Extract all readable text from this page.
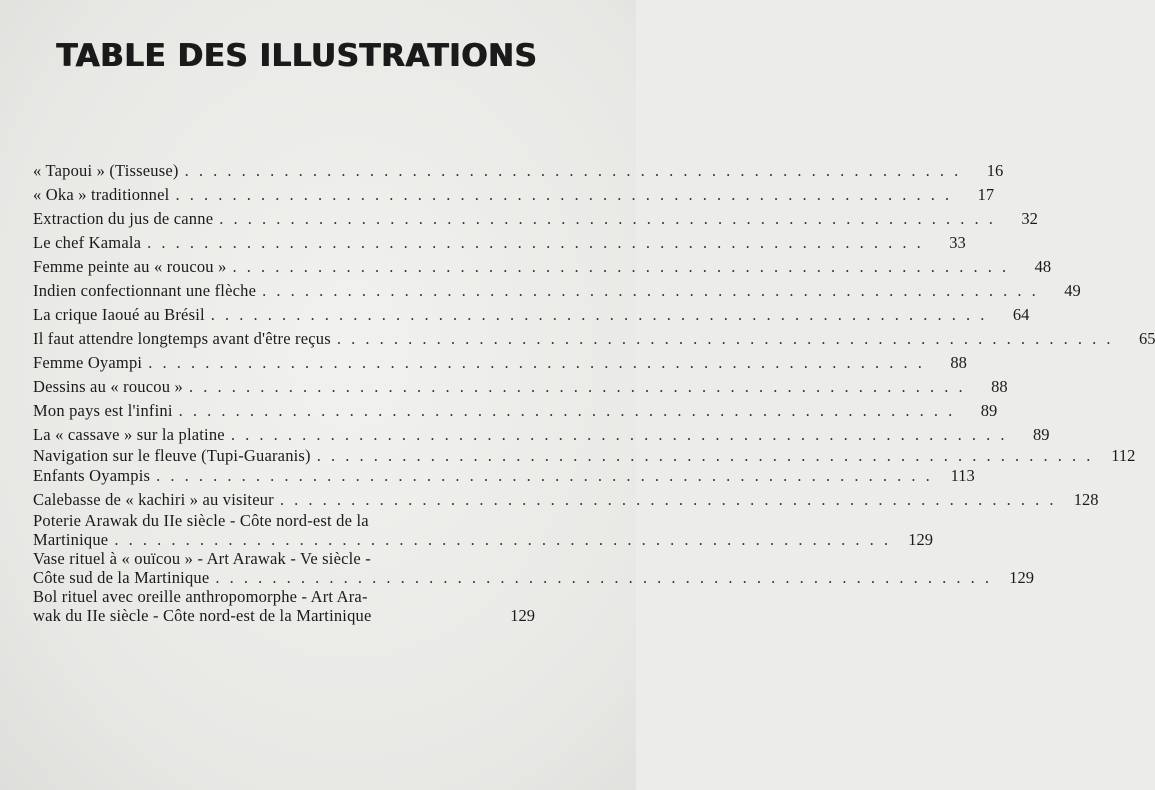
TABLE DES ILLUSTRATIONS
« Tapoui » (Tisseuse) . . . . . . . . . . . . . . . . . . . . . . . . . . . . . . . . . . . . . . . . . . . . . . . . . . . . . . .	16
« Oka » traditionnel . . . . . . . . . . . . . . . . . . . . . . . . . . . . . . . . . . . . . . . . . . . . . . . . . . . . . . .	17
Extraction du jus de canne . . . . . . . . . . . . . . . . . . . . . . . . . . . . . . . . . . . . . . . . . . . . . . . . . . . . . . .	32
Le chef Kamala . . . . . . . . . . . . . . . . . . . . . . . . . . . . . . . . . . . . . . . . . . . . . . . . . . . . . . .	33
Femme peinte au « roucou » . . . . . . . . . . . . . . . . . . . . . . . . . . . . . . . . . . . . . . . . . . . . . . . . . . . . . . .	48
Indien confectionnant une flèche . . . . . . . . . . . . . . . . . . . . . . . . . . . . . . . . . . . . . . . . . . . . . . . . . . . . . . .	49
La crique Iaoué au Brésil . . . . . . . . . . . . . . . . . . . . . . . . . . . . . . . . . . . . . . . . . . . . . . . . . . . . . . .	64
Il faut attendre longtemps avant d'être reçus . . . . . . . . . . . . . . . . . . . . . . . . . . . . . . . . . . . . . . . . . . . . . . . . . . . . . . .	65
Femme Oyampi . . . . . . . . . . . . . . . . . . . . . . . . . . . . . . . . . . . . . . . . . . . . . . . . . . . . . . .	88
Dessins au « roucou » . . . . . . . . . . . . . . . . . . . . . . . . . . . . . . . . . . . . . . . . . . . . . . . . . . . . . . .	88
Mon pays est l'infini . . . . . . . . . . . . . . . . . . . . . . . . . . . . . . . . . . . . . . . . . . . . . . . . . . . . . . .	89
La « cassave » sur la platine . . . . . . . . . . . . . . . . . . . . . . . . . . . . . . . . . . . . . . . . . . . . . . . . . . . . . . .	89
Navigation sur le fleuve (Tupi-Guaranis) . . . . . . . . . . . . . . . . . . . . . . . . . . . . . . . . . . . . . . . . . . . . . . . . . . . . . . .	112
Enfants Oyampis . . . . . . . . . . . . . . . . . . . . . . . . . . . . . . . . . . . . . . . . . . . . . . . . . . . . . . .	113
Calebasse de « kachiri » au visiteur . . . . . . . . . . . . . . . . . . . . . . . . . . . . . . . . . . . . . . . . . . . . . . . . . . . . . . .	128
Poterie Arawak du IIe siècle - Côte nord-est de la
Martinique . . . . . . . . . . . . . . . . . . . . . . . . . . . . . . . . . . . . . . . . . . . . . . . . . . . . . . .	129
Vase rituel à « ouïcou » - Art Arawak - Ve siècle -
Côte sud de la Martinique . . . . . . . . . . . . . . . . . . . . . . . . . . . . . . . . . . . . . . . . . . . . . . . . . . . . . . .	129
Bol rituel avec oreille anthropomorphe - Art Ara-
wak du IIe siècle - Côte nord-est de la Martinique	129
